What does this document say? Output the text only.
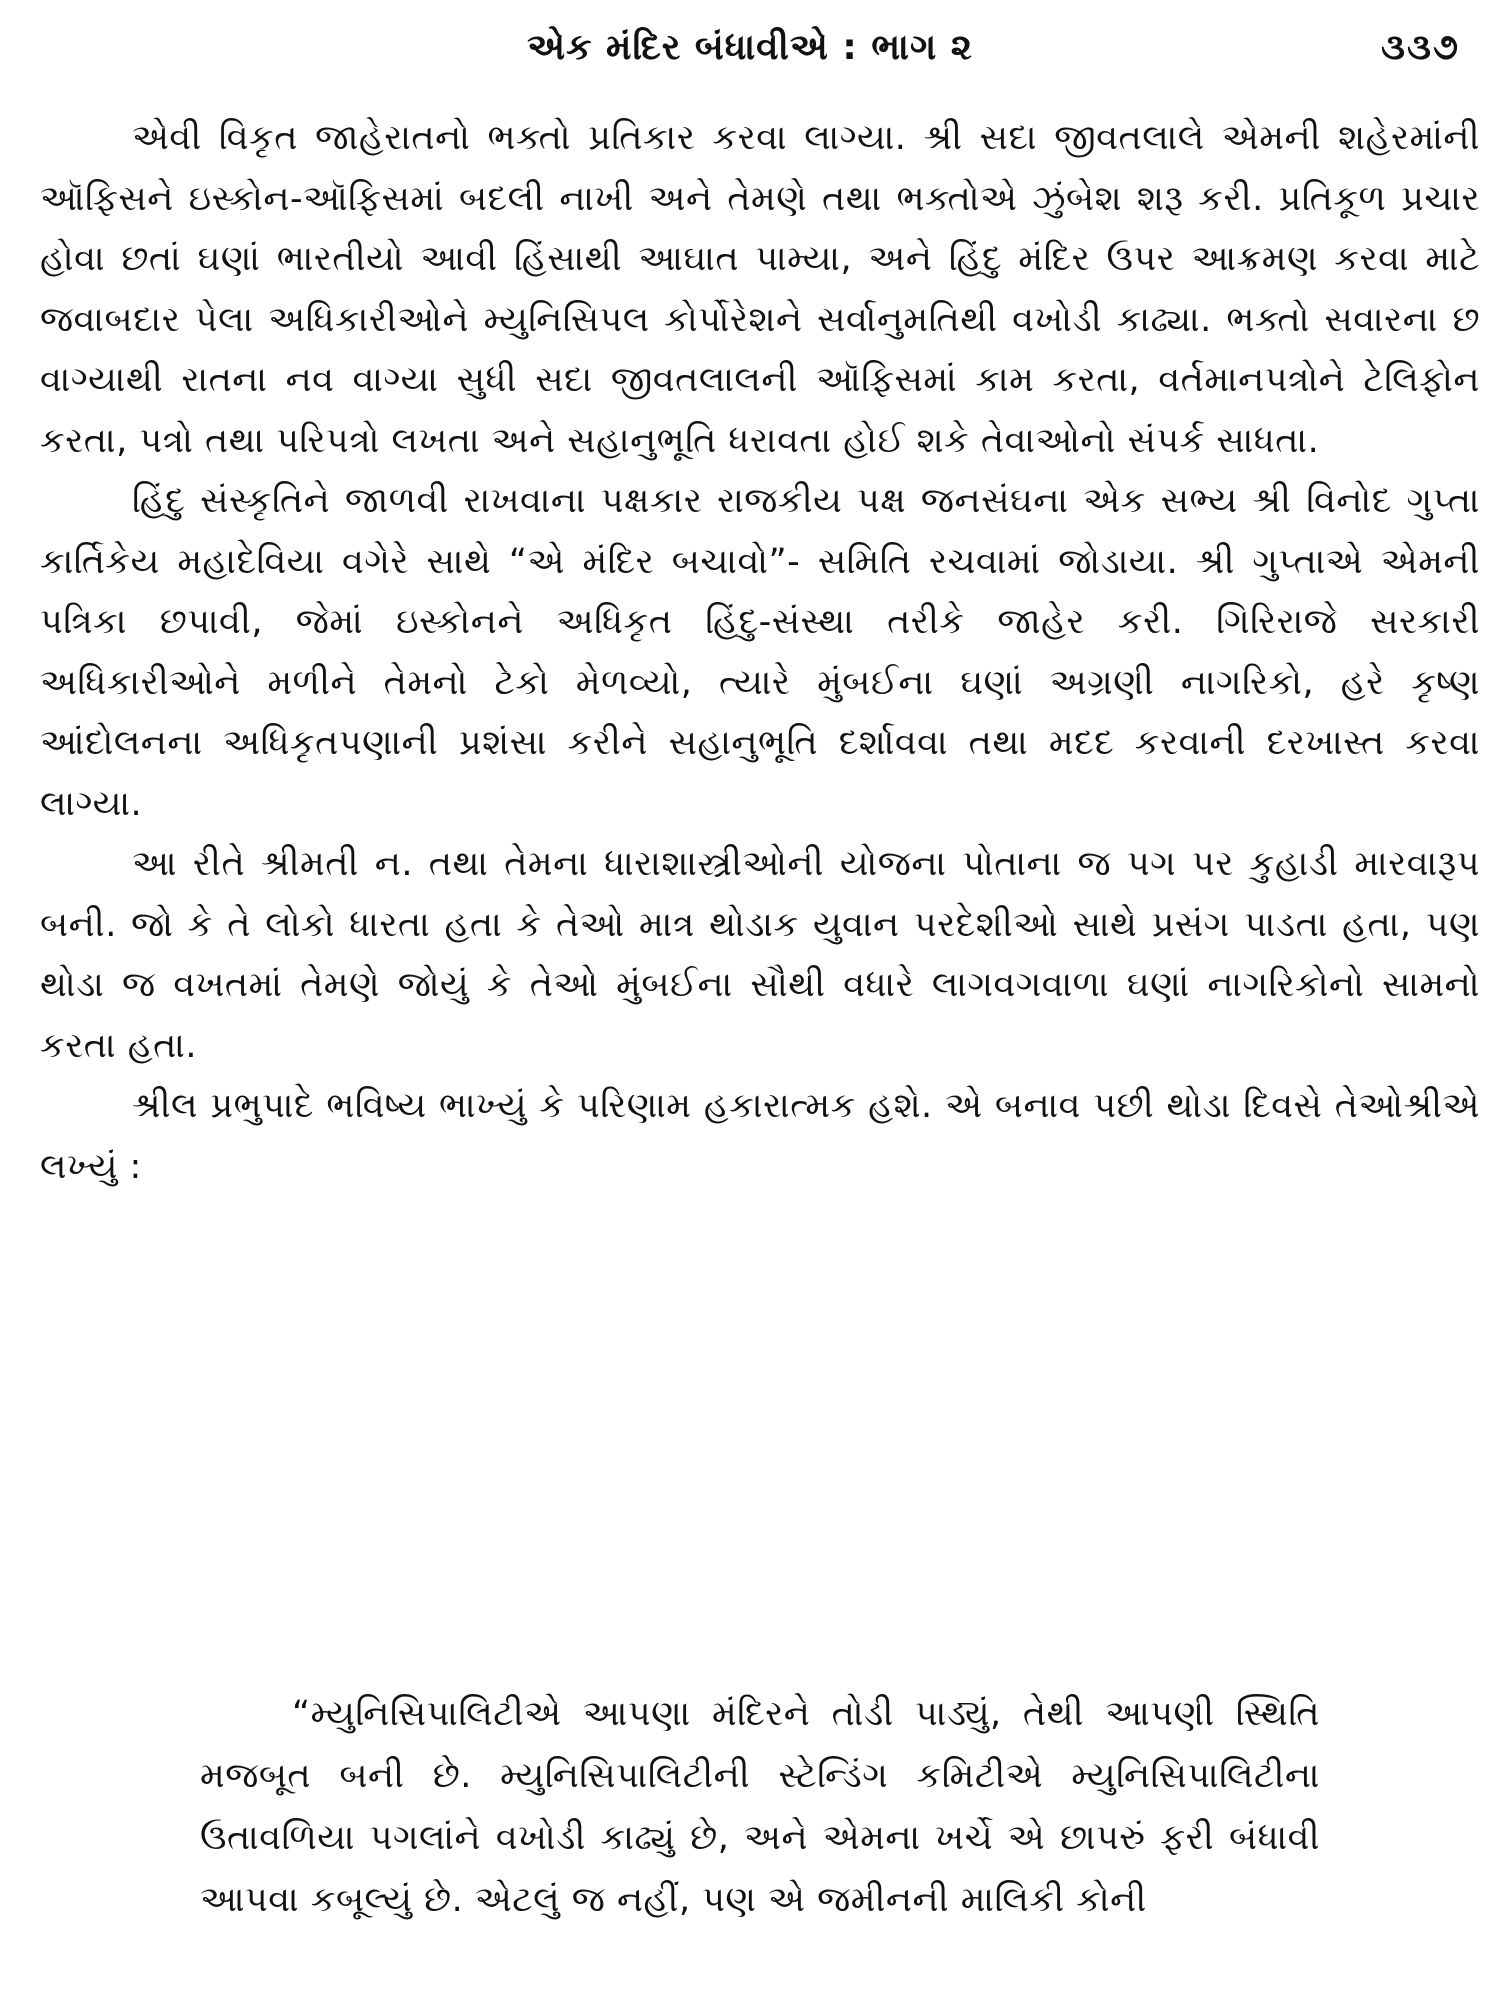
એક મંદિર બંધાવીએ : ભાગ ૨	૩૩૭

એવી વિકૃત જાહેરાતનો ભક્તો પ્રતિકાર કરવા લાગ્યા. શ્રી સદા જીવતલાલે એમની શહેરમાંની ઑફિસને ઇસ્કોન-ઑફિસમાં બદલી નાખી અને તેમણે તથા ભક્તોએ ઝુંબેશ શરૂ કરી. પ્રતિકૂળ પ્રચાર હોવા છતાં ઘણાં ભારતીયો આવી હિંસાથી આઘાત પામ્યા, અને હિંદુ મંદિર ઉપર આક્રમણ કરવા માટે જવાબદાર પેલા અધિકારીઓને મ્યુનિસિપલ કોર્પોરેશને સર્વાનુમતિથી વખોડી કાઢ્યા. ભક્તો સવારના છ વાગ્યાથી રાતના નવ વાગ્યા સુધી સદા જીવતલાલની ઑફિસમાં કામ કરતા, વર્તમાનપત્રોને ટેલિફોન કરતા, પત્રો તથા પરિપત્રો લખતા અને સહાનુભૂતિ ધરાવતા હોઈ શકે તેવાઓનો સંપર્ક સાધતા.

હિંદુ સંસ્કૃતિને જાળવી રાખવાના પક્ષકાર રાજકીય પક્ષ જનસંઘના એક સભ્ય શ્રી વિનોદ ગુપ્તા કાર્તિકેય મહાદેવિયા વગેરે સાથે “એ મંદિર બચાવો”- સમિતિ રચવામાં જોડાયા. શ્રી ગુપ્તાએ એમની પત્રિકા છપાવી, જેમાં ઇસ્કોનને અધિકૃત હિંદુ-સંસ્થા તરીકે જાહેર કરી. ગિરિરાજે સરકારી અધિકારીઓને મળીને તેમનો ટેકો મેળવ્યો, ત્યારે મુંબઈના ઘણાં અગ્રણી નાગરિકો, હરે કૃષ્ણ આંદોલનના અધિકૃતપણાની પ્રશંસા કરીને સહાનુભૂતિ દર્શાવવા તથા મદદ કરવાની દરખાસ્ત કરવા લાગ્યા.

આ રીતે શ્રીમતી ન. તથા તેમના ધારાશાસ્ત્રીઓની યોજના પોતાના જ પગ પર કુહાડી મારવારૂપ બની. જો કે તે લોકો ધારતા હતા કે તેઓ માત્ર થોડાક યુવાન પરદેશીઓ સાથે પ્રસંગ પાડતા હતા, પણ થોડા જ વખતમાં તેમણે જોયું કે તેઓ મુંબઈના સૌથી વધારે લાગવગવાળા ઘણાં નાગરિકોનો સામનો કરતા હતા.

શ્રીલ પ્રભુપાદે ભવિષ્ય ભાખ્યું કે પરિણામ હકારાત્મક હશે. એ બનાવ પછી થોડા દિવસે તેઓશ્રીએ લખ્યું :

“મ્યુનિસિપાલિટીએ આપણા મંદિરને તોડી પાડ્યું, તેથી આપણી સ્થિતિ મજબૂત બની છે. મ્યુનિસિપાલિટીની સ્ટેન્ડિંગ કમિટીએ મ્યુનિસિપાલિટીના ઉતાવળિયા પગલાંને વખોડી કાઢ્યું છે, અને એમના ખર્ચે એ છાપરું ફરી બંધાવી આપવા કબૂલ્યું છે. એટલું જ નહીં, પણ એ જમીનની માલિકી કોની
